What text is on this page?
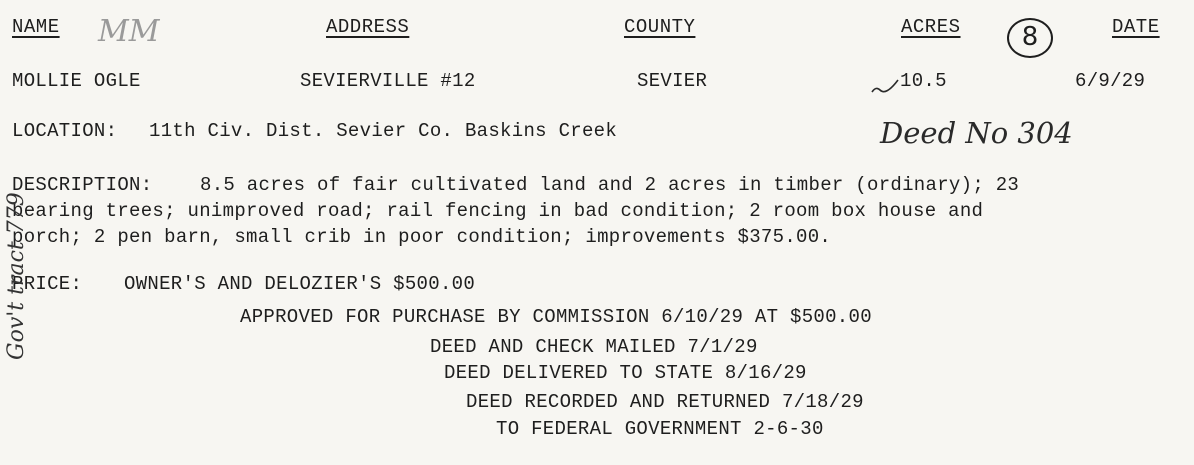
NAME MM	ADDRESS	COUNTY	ACRES	8	DATE
MOLLIE OGLE	SEVIERVILLE #12	SEVIER	10.5	6/9/29
LOCATION: 11th Civ. Dist. Sevier Co. Baskins Creek	Deed No 304
DESCRIPTION:	8.5 acres of fair cultivated land and 2 acres in timber (ordinary); 23
bearing trees; unimproved road; rail fencing in bad condition; 2 room box house and
porch; 2 pen barn, small crib in poor condition; improvements $375.00.
PRICE: OWNER'S AND DELOZIER'S $500.00
APPROVED FOR PURCHASE BY COMMISSION 6/10/29 AT $500.00
DEED AND CHECK MAILED 7/1/29
DEED DELIVERED TO STATE 8/16/29
DEED RECORDED AND RETURNED 7/18/29
TO FEDERAL GOVERNMENT 2-6-30
Gov't tract 779
